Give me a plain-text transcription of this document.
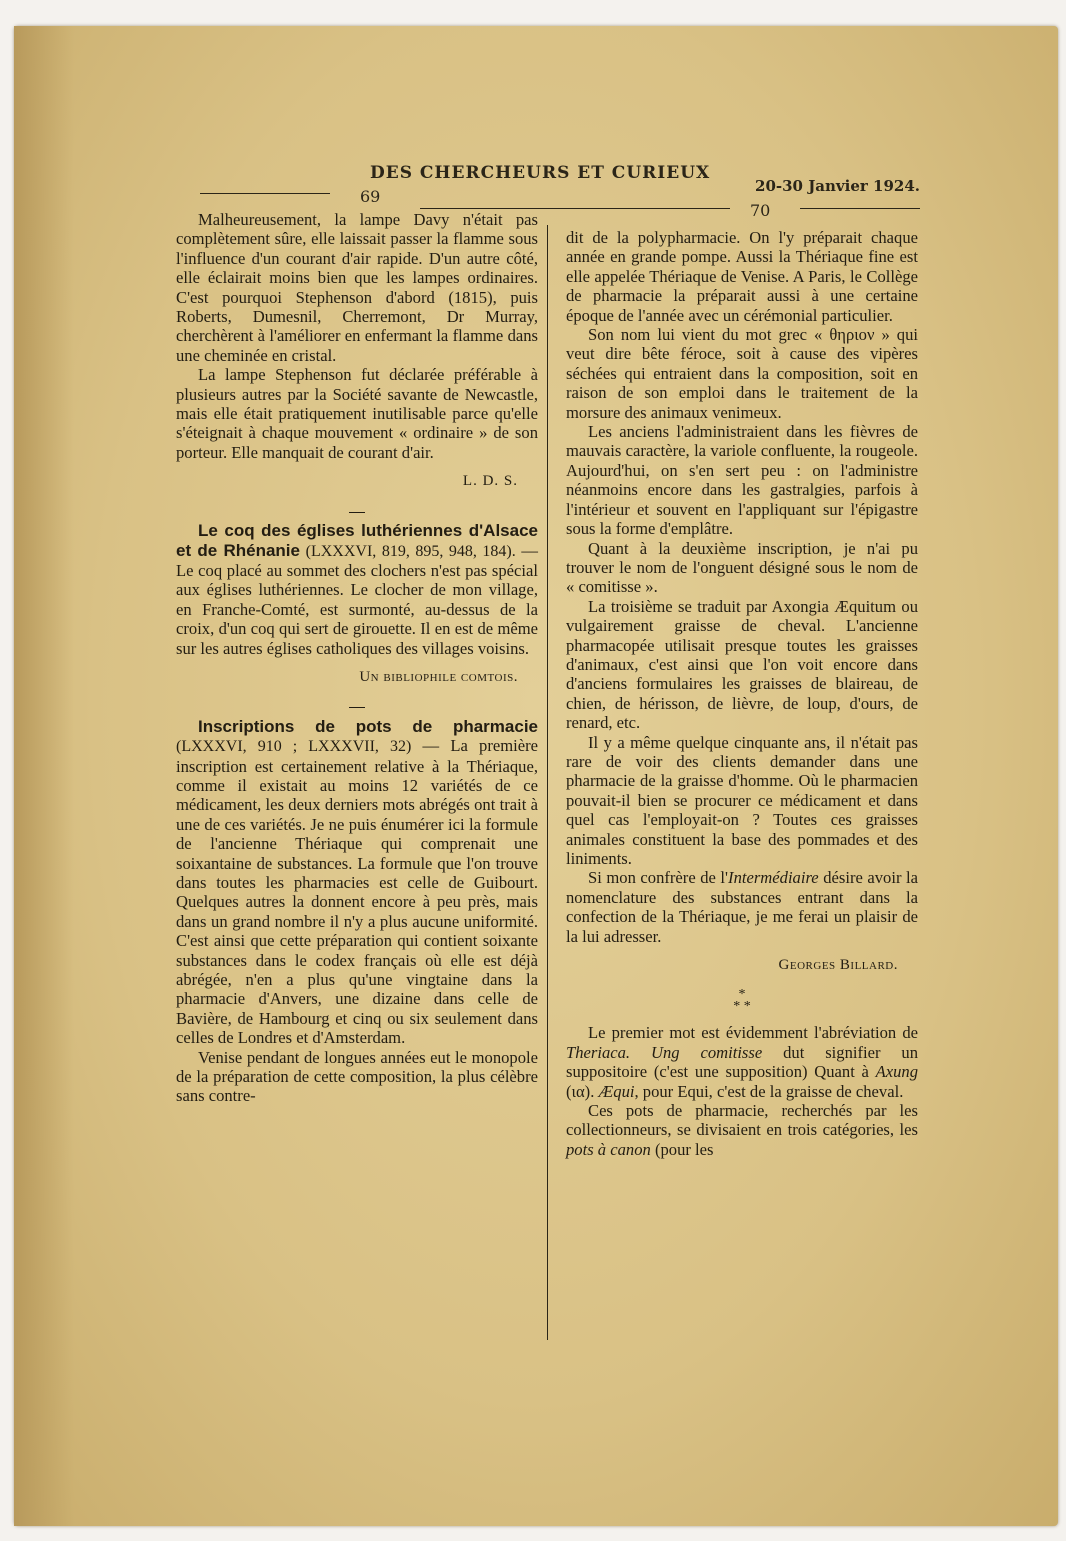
69
DES CHERCHEURS ET CURIEUX
20-30 Janvier 1924.
70

Malheureusement, la lampe Davy n'était pas complètement sûre, elle laissait passer la flamme sous l'influence d'un courant d'air rapide. D'un autre côté, elle éclairait moins bien que les lampes ordinaires. C'est pourquoi Stephenson d'abord (1815), puis Roberts, Dumesnil, Cherremont, Dr Murray, cherchèrent à l'améliorer en enfermant la flamme dans une cheminée en cristal.

La lampe Stephenson fut déclarée préférable à plusieurs autres par la Société savante de Newcastle, mais elle était pratiquement inutilisable parce qu'elle s'éteignait à chaque mouvement « ordinaire » de son porteur. Elle manquait de courant d'air.

L. D. S.

Le coq des églises luthériennes d'Alsace et de Rhénanie (LXXXVI, 819, 895, 948, 184). — Le coq placé au sommet des clochers n'est pas spécial aux églises luthériennes. Le clocher de mon village, en Franche-Comté, est surmonté, au-dessus de la croix, d'un coq qui sert de girouette. Il en est de même sur les autres églises catholiques des villages voisins.

Un bibliophile comtois.

Inscriptions de pots de pharmacie (LXXXVI, 910 ; LXXXVII, 32) — La première inscription est certainement relative à la Thériaque, comme il existait au moins 12 variétés de ce médicament, les deux derniers mots abrégés ont trait à une de ces variétés. Je ne puis énumérer ici la formule de l'ancienne Thériaque qui comprenait une soixantaine de substances. La formule que l'on trouve dans toutes les pharmacies est celle de Guibourt. Quelques autres la donnent encore à peu près, mais dans un grand nombre il n'y a plus aucune uniformité. C'est ainsi que cette préparation qui contient soixante substances dans le codex français où elle est déjà abrégée, n'en a plus qu'une vingtaine dans la pharmacie d'Anvers, une dizaine dans celle de Bavière, de Hambourg et cinq ou six seulement dans celles de Londres et d'Amsterdam.

Venise pendant de longues années eut le monopole de la préparation de cette composition, la plus célèbre sans contre-

dit de la polypharmacie. On l'y préparait chaque année en grande pompe. Aussi la Thériaque fine est elle appelée Thériaque de Venise. A Paris, le Collège de pharmacie la préparait aussi à une certaine époque de l'année avec un cérémonial particulier.

Son nom lui vient du mot grec « θηριον » qui veut dire bête féroce, soit à cause des vipères séchées qui entraient dans la composition, soit en raison de son emploi dans le traitement de la morsure des animaux venimeux.

Les anciens l'administraient dans les fièvres de mauvais caractère, la variole confluente, la rougeole. Aujourd'hui, on s'en sert peu : on l'administre néanmoins encore dans les gastralgies, parfois à l'intérieur et souvent en l'appliquant sur l'épigastre sous la forme d'emplâtre.

Quant à la deuxième inscription, je n'ai pu trouver le nom de l'onguent désigné sous le nom de « comitisse ».

La troisième se traduit par Axongia Æquitum ou vulgairement graisse de cheval. L'ancienne pharmacopée utilisait presque toutes les graisses d'animaux, c'est ainsi que l'on voit encore dans d'anciens formulaires les graisses de blaireau, de chien, de hérisson, de lièvre, de loup, d'ours, de renard, etc.

Il y a même quelque cinquante ans, il n'était pas rare de voir des clients demander dans une pharmacie de la graisse d'homme. Où le pharmacien pouvait-il bien se procurer ce médicament et dans quel cas l'employait-on ? Toutes ces graisses animales constituent la base des pommades et des liniments.

Si mon confrère de l'Intermédiaire désire avoir la nomenclature des substances entrant dans la confection de la Thériaque, je me ferai un plaisir de la lui adresser.

Georges Billard.
*
* *

Le premier mot est évidemment l'abréviation de Theriaca. Ung comitisse dut signifier un suppositoire (c'est une supposition) Quant à Axung (ια). Æqui, pour Equi, c'est de la graisse de cheval.

Ces pots de pharmacie, recherchés par les collectionneurs, se divisaient en trois catégories, les pots à canon (pour les
